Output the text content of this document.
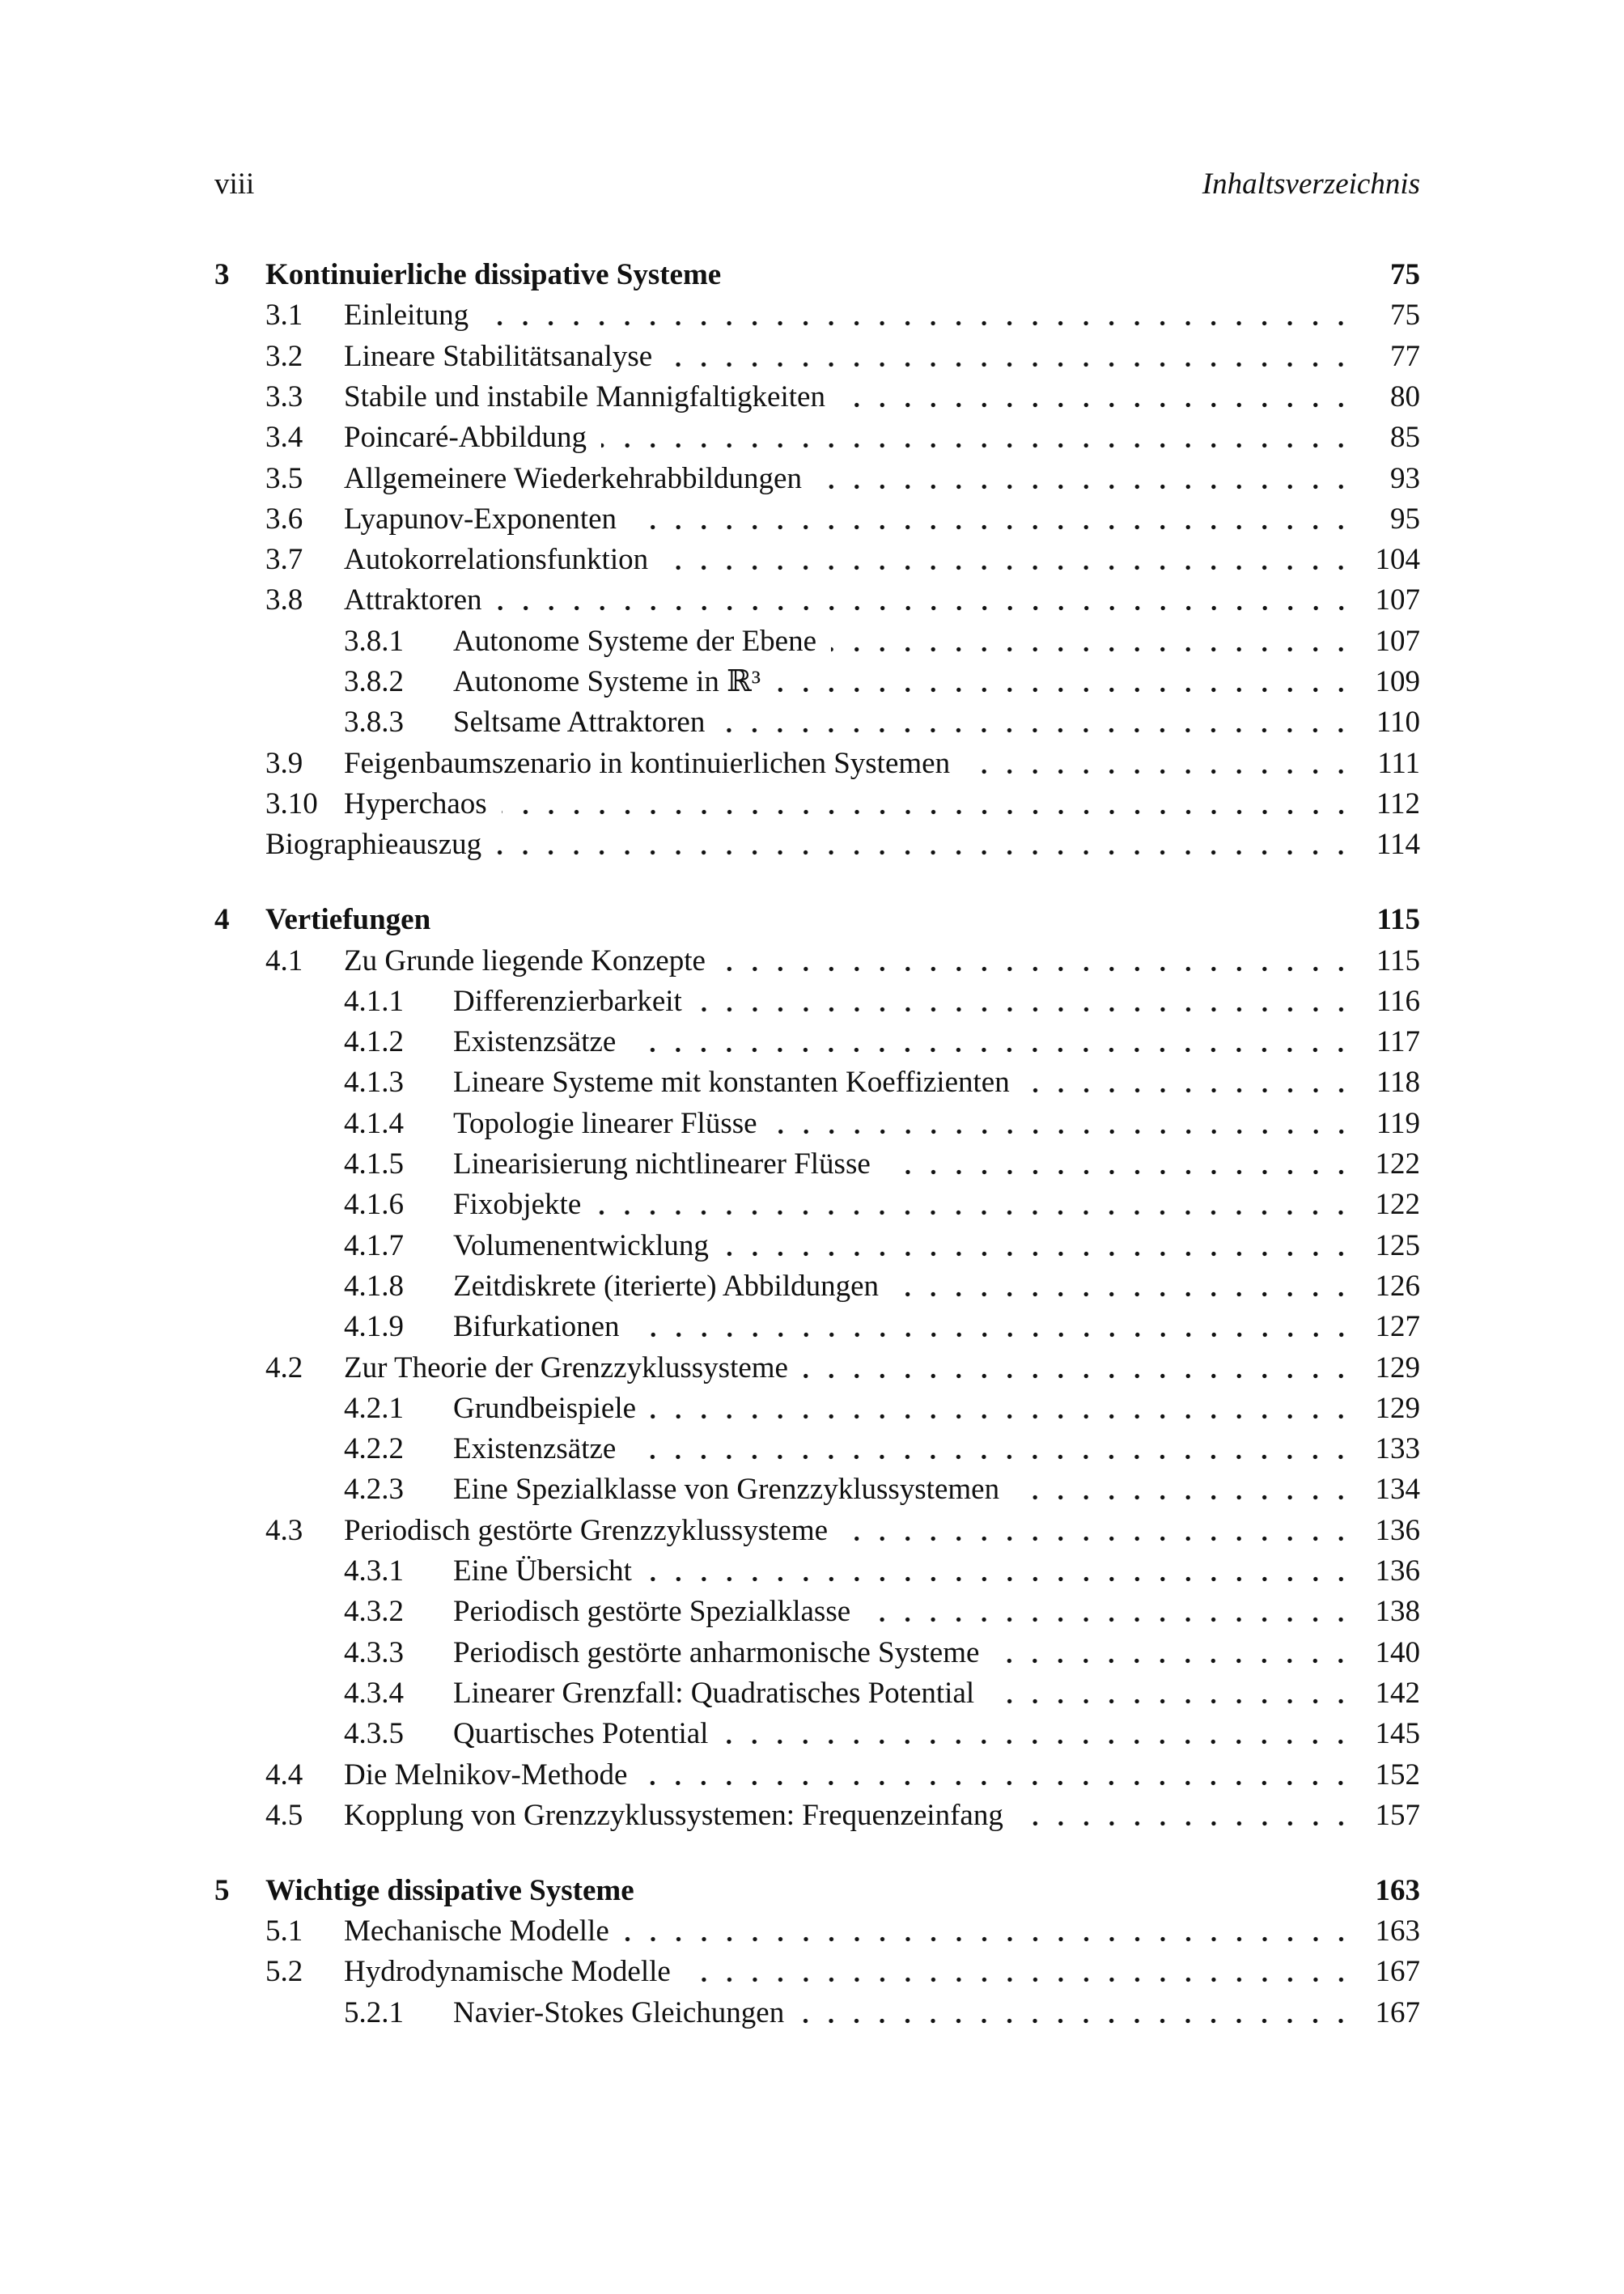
viii	Inhaltsverzeichnis
3 Kontinuierliche dissipative Systeme	75
3.1 Einleitung	75
3.2 Lineare Stabilitätsanalyse	77
3.3 Stabile und instabile Mannigfaltigkeiten	80
3.4 Poincaré-Abbildung	85
3.5 Allgemeinere Wiederkehrabbildungen	93
3.6 Lyapunov-Exponenten	95
3.7 Autokorrelationsfunktion	104
3.8 Attraktoren	107
3.8.1 Autonome Systeme der Ebene	107
3.8.2 Autonome Systeme in ℝ³	109
3.8.3 Seltsame Attraktoren	110
3.9 Feigenbaumszenario in kontinuierlichen Systemen	111
3.10 Hyperchaos	112
Biographieauszug	114
4 Vertiefungen	115
4.1 Zu Grunde liegende Konzepte	115
4.1.1 Differenzierbarkeit	116
4.1.2 Existenzsätze	117
4.1.3 Lineare Systeme mit konstanten Koeffizienten	118
4.1.4 Topologie linearer Flüsse	119
4.1.5 Linearisierung nichtlinearer Flüsse	122
4.1.6 Fixobjekte	122
4.1.7 Volumenentwicklung	125
4.1.8 Zeitdiskrete (iterierte) Abbildungen	126
4.1.9 Bifurkationen	127
4.2 Zur Theorie der Grenzzyklussysteme	129
4.2.1 Grundbeispiele	129
4.2.2 Existenzsätze	133
4.2.3 Eine Spezialklasse von Grenzzyklussystemen	134
4.3 Periodisch gestörte Grenzzyklussysteme	136
4.3.1 Eine Übersicht	136
4.3.2 Periodisch gestörte Spezialklasse	138
4.3.3 Periodisch gestörte anharmonische Systeme	140
4.3.4 Linearer Grenzfall: Quadratisches Potential	142
4.3.5 Quartisches Potential	145
4.4 Die Melnikov-Methode	152
4.5 Kopplung von Grenzzyklussystemen: Frequenzeinfang	157
5 Wichtige dissipative Systeme	163
5.1 Mechanische Modelle	163
5.2 Hydrodynamische Modelle	167
5.2.1 Navier-Stokes Gleichungen	167
